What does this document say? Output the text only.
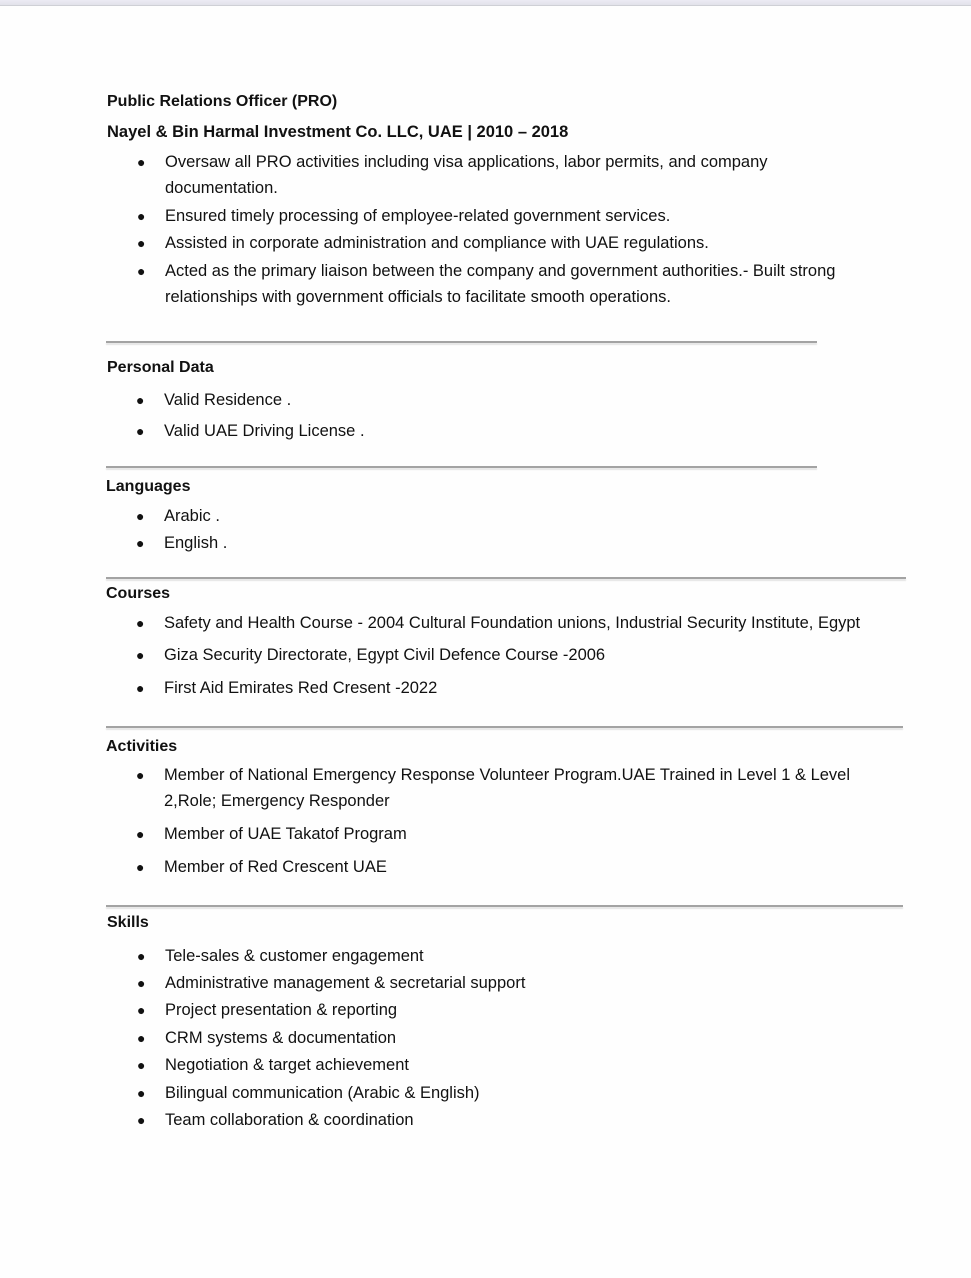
Public Relations Officer (PRO)
Nayel & Bin Harmal Investment Co. LLC, UAE | 2010 – 2018
● Oversaw all PRO activities including visa applications, labor permits, and company
documentation.
● Ensured timely processing of employee-related government services.
● Assisted in corporate administration and compliance with UAE regulations.
● Acted as the primary liaison between the company and government authorities.- Built strong
relationships with government officials to facilitate smooth operations.
Personal Data
● Valid Residence .
● Valid UAE Driving License .
Languages
● Arabic .
● English .
Courses
● Safety and Health Course - 2004 Cultural Foundation unions, Industrial Security Institute, Egypt
● Giza Security Directorate, Egypt Civil Defence Course -2006
● First Aid Emirates Red Cresent -2022
Activities
● Member of National Emergency Response Volunteer Program.UAE Trained in Level 1 & Level
2,Role; Emergency Responder
● Member of UAE Takatof Program
● Member of Red Crescent UAE
Skills
● Tele-sales & customer engagement
● Administrative management & secretarial support
● Project presentation & reporting
● CRM systems & documentation
● Negotiation & target achievement
● Bilingual communication (Arabic & English)
● Team collaboration & coordination
